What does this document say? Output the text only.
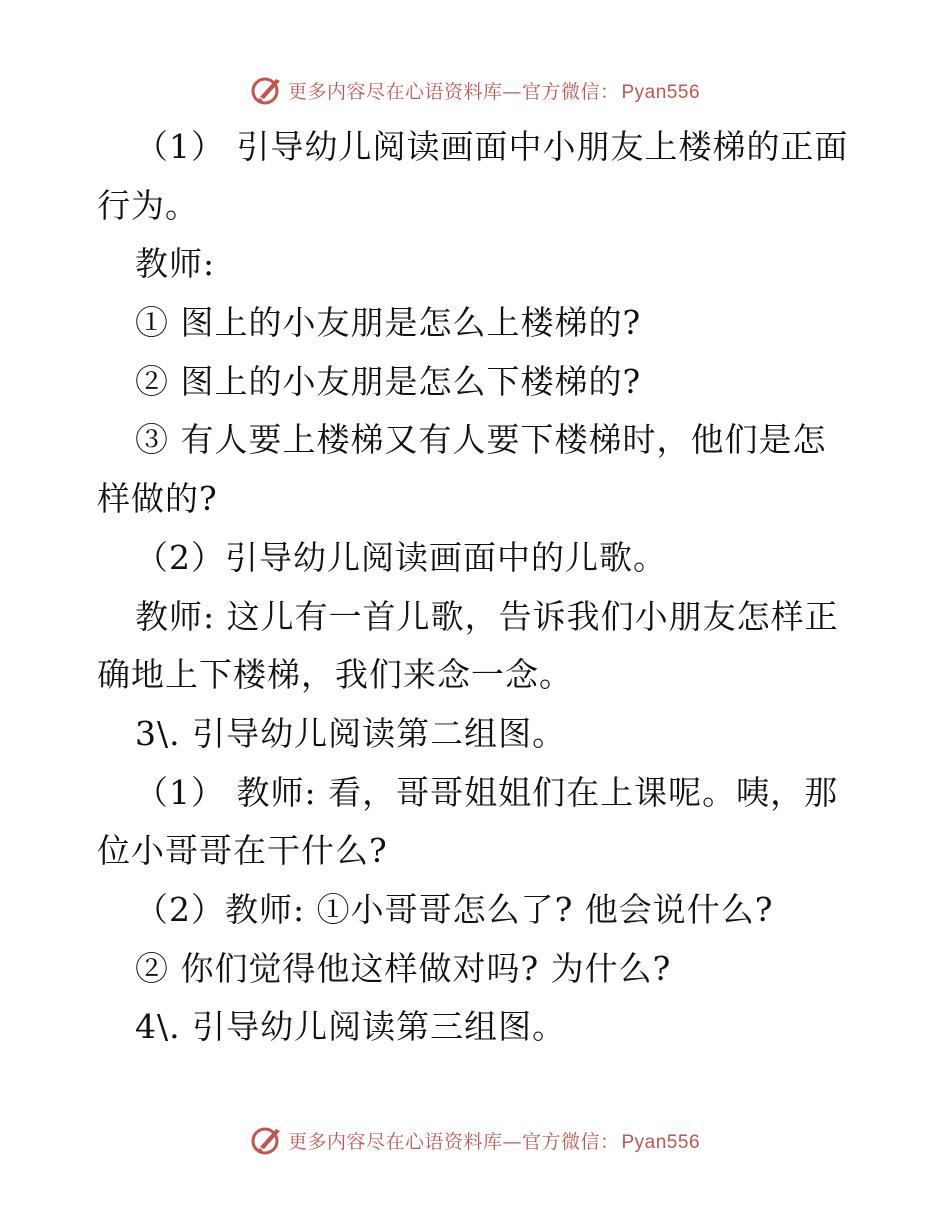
更多内容尽在心语资料库—官方微信： Pyan556
（1） 引导幼儿阅读画面中小朋友上楼梯的正面
行为。
教师:
① 图上的小友朋是怎么上楼梯的?
② 图上的小友朋是怎么下楼梯的?
③ 有人要上楼梯又有人要下楼梯时，他们是怎
样做的?
（2）引导幼儿阅读画面中的儿歌。
教师: 这儿有一首儿歌，告诉我们小朋友怎样正
确地上下楼梯，我们来念一念。
3\. 引导幼儿阅读第二组图。
（1） 教师: 看，哥哥姐姐们在上课呢。咦，那
位小哥哥在干什么?
（2）教师: ①小哥哥怎么了? 他会说什么?
② 你们觉得他这样做对吗? 为什么?
4\. 引导幼儿阅读第三组图。
更多内容尽在心语资料库—官方微信： Pyan556
